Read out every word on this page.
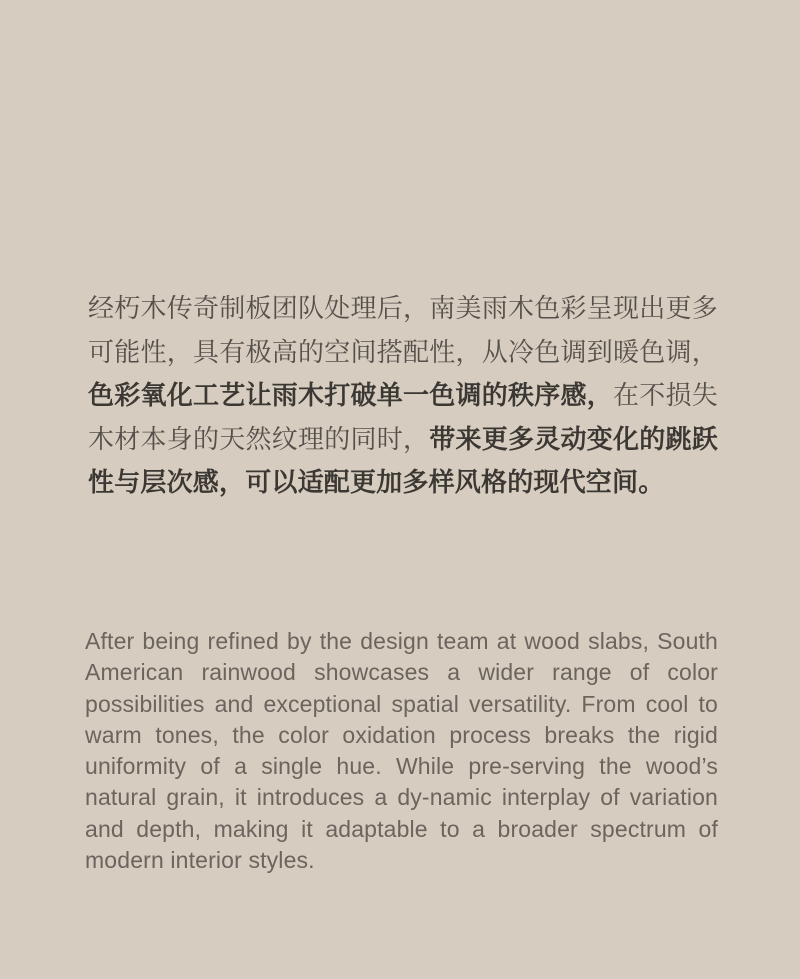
经朽木传奇制板团队处理后，南美雨木色彩呈现出更多可能性，具有极高的空间搭配性，从冷色调到暖色调，色彩氧化工艺让雨木打破单一色调的秩序感，在不损失木材本身的天然纹理的同时，带来更多灵动变化的跳跃性与层次感，可以适配更加多样风格的现代空间。

After being refined by the design team at wood slabs, South American rainwood showcases a wider range of color possibilities and exceptional spatial versatility. From cool to warm tones, the color oxidation process breaks the rigid uniformity of a single hue. While pre-serving the wood’s natural grain, it introduces a dy-namic interplay of variation and depth, making it adaptable to a broader spectrum of modern interior styles.
